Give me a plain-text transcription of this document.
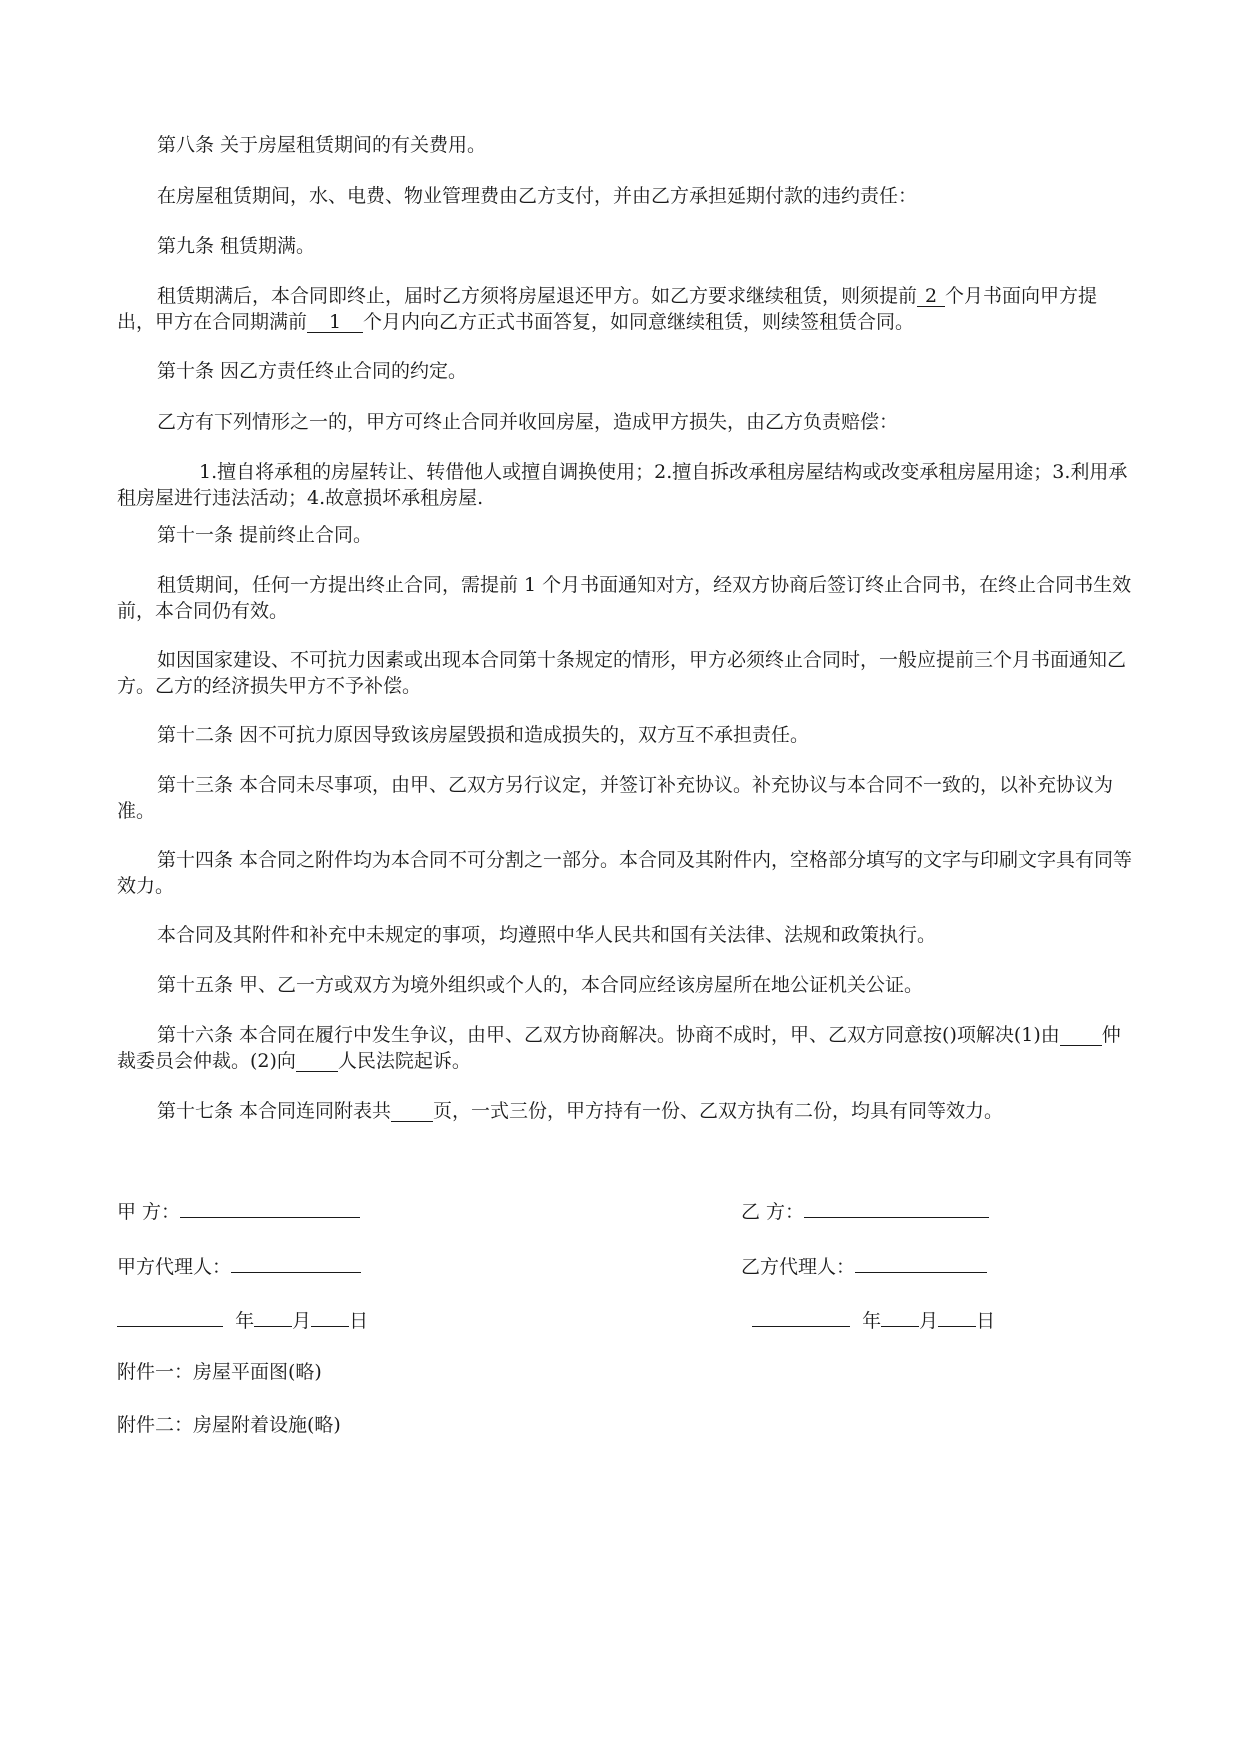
第八条 关于房屋租赁期间的有关费用。

在房屋租赁期间，水、电费、物业管理费由乙方支付，并由乙方承担延期付款的违约责任：

第九条 租赁期满。

租赁期满后，本合同即终止，届时乙方须将房屋退还甲方。如乙方要求继续租赁，则须提前 2 个月书面向甲方提出，甲方在合同期满前 1 个月内向乙方正式书面答复，如同意继续租赁，则续签租赁合同。

第十条 因乙方责任终止合同的约定。

乙方有下列情形之一的，甲方可终止合同并收回房屋，造成甲方损失，由乙方负责赔偿：

1.擅自将承租的房屋转让、转借他人或擅自调换使用；2.擅自拆改承租房屋结构或改变承租房屋用途；3.利用承租房屋进行违法活动；4.故意损坏承租房屋.

第十一条 提前终止合同。

租赁期间，任何一方提出终止合同，需提前 1 个月书面通知对方，经双方协商后签订终止合同书，在终止合同书生效前，本合同仍有效。

如因国家建设、不可抗力因素或出现本合同第十条规定的情形，甲方必须终止合同时，一般应提前三个月书面通知乙方。乙方的经济损失甲方不予补偿。

第十二条 因不可抗力原因导致该房屋毁损和造成损失的，双方互不承担责任。

第十三条 本合同未尽事项，由甲、乙双方另行议定，并签订补充协议。补充协议与本合同不一致的，以补充协议为准。

第十四条 本合同之附件均为本合同不可分割之一部分。本合同及其附件内，空格部分填写的文字与印刷文字具有同等效力。

本合同及其附件和补充中未规定的事项，均遵照中华人民共和国有关法律、法规和政策执行。

第十五条 甲、乙一方或双方为境外组织或个人的，本合同应经该房屋所在地公证机关公证。

第十六条 本合同在履行中发生争议，由甲、乙双方协商解决。协商不成时，甲、乙双方同意按()项解决(1)由 仲裁委员会仲裁。(2)向 人民法院起诉。

第十七条 本合同连同附表共 页，一式三份，甲方持有一份、乙双方执有二份，均具有同等效力。

甲 方：	乙 方：
甲方代理人：	乙方代理人：
年 月 日	年 月 日
附件一：房屋平面图(略)
附件二：房屋附着设施(略)
